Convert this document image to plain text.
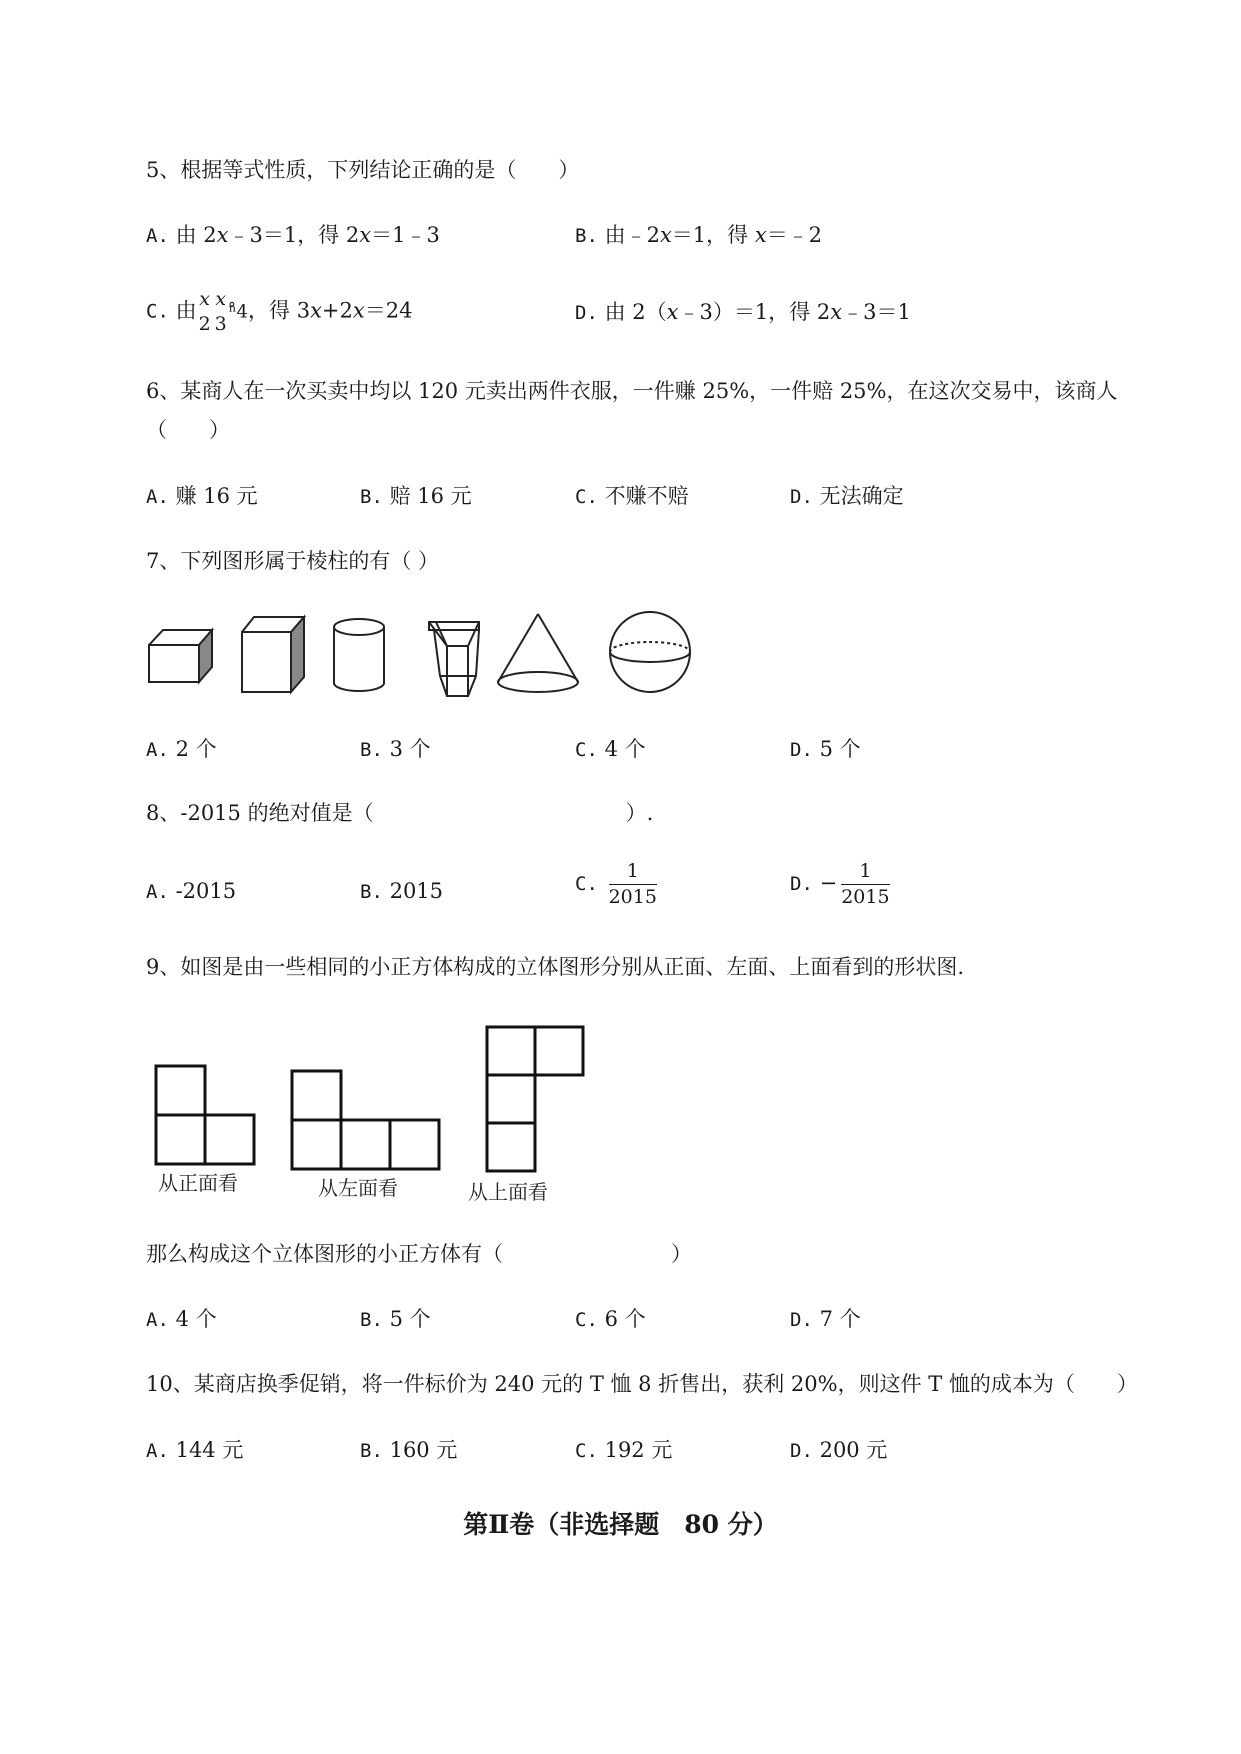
5、根据等式性质，下列结论正确的是（　　）
A. 由 2x﹣3＝1，得 2x＝1﹣3	B. 由﹣2x＝1，得 x＝﹣2
C. 由 x
2
x
3
ⁿ̊4，得 3x+2x＝24	D. 由 2（x﹣3）＝1，得 2x﹣3＝1
6、某商人在一次买卖中均以 120 元卖出两件衣服，一件赚 25%，一件赔 25%，在这次交易中，该商人
（　　）
A. 赚 16 元	B. 赔 16 元	C. 不赚不赔	D. 无法确定
7、下列图形属于棱柱的有（ ）
A. 2 个	B. 3 个	C. 4 个	D. 5 个
8、-2015 的绝对值是（　　　　　　　　　　　　）.
A. -2015	B. 2015	C. $\frac{1}{2015}$	D. − $\frac{1}{2015}$
9、如图是由一些相同的小正方体构成的立体图形分别从正面、左面、上面看到的形状图.
从正面看	从左面看	从上面看
那么构成这个立体图形的小正方体有（　　　　　　　　）
A. 4 个	B. 5 个	C. 6 个	D. 7 个
10、某商店换季促销，将一件标价为 240 元的 T 恤 8 折售出，获利 20%，则这件 T 恤的成本为（　　）
A. 144 元	B. 160 元	C. 192 元	D. 200 元
第Ⅱ卷（非选择题　80 分）
